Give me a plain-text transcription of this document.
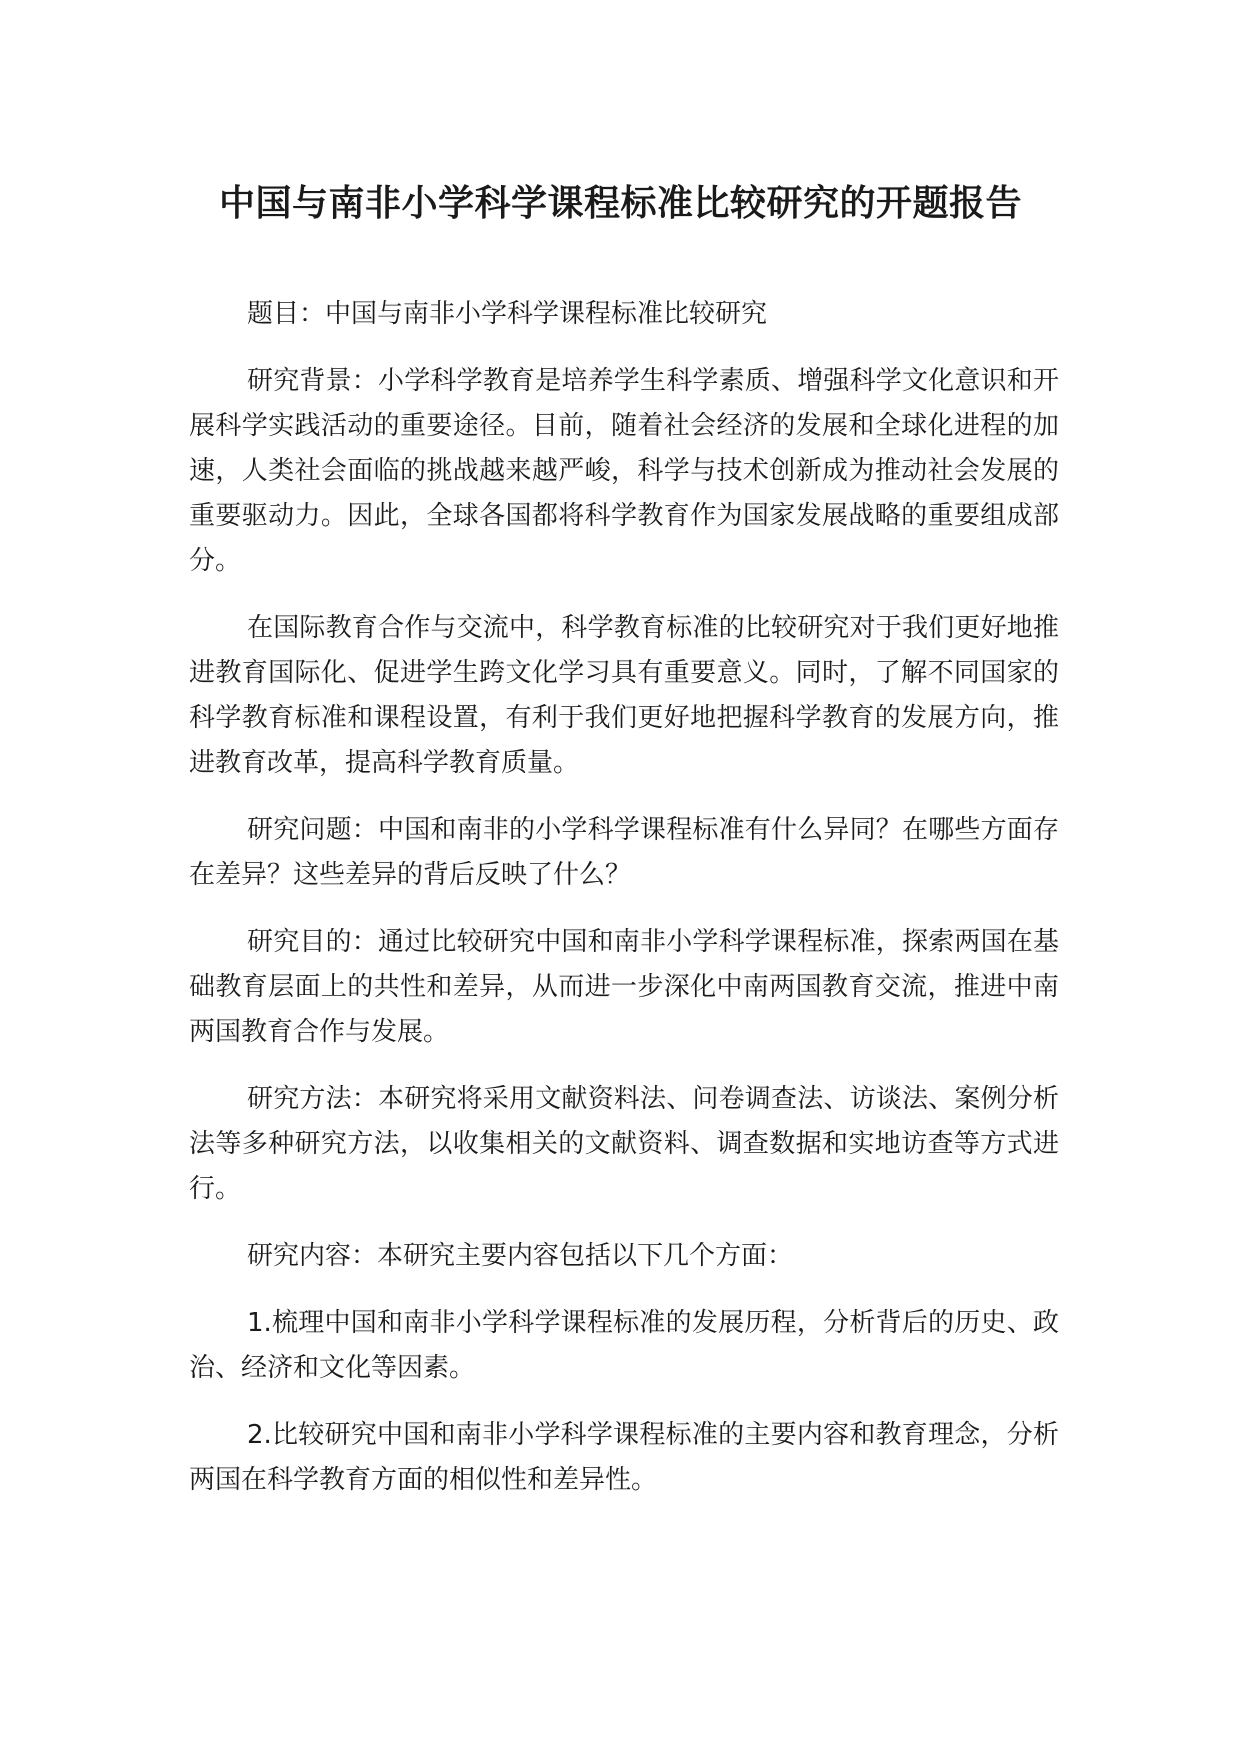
中国与南非小学科学课程标准比较研究的开题报告

题目：中国与南非小学科学课程标准比较研究

研究背景：小学科学教育是培养学生科学素质、增强科学文化意识和开展科学实践活动的重要途径。目前，随着社会经济的发展和全球化进程的加速，人类社会面临的挑战越来越严峻，科学与技术创新成为推动社会发展的重要驱动力。因此，全球各国都将科学教育作为国家发展战略的重要组成部分。

在国际教育合作与交流中，科学教育标准的比较研究对于我们更好地推进教育国际化、促进学生跨文化学习具有重要意义。同时，了解不同国家的科学教育标准和课程设置，有利于我们更好地把握科学教育的发展方向，推进教育改革，提高科学教育质量。

研究问题：中国和南非的小学科学课程标准有什么异同？在哪些方面存在差异？这些差异的背后反映了什么？

研究目的：通过比较研究中国和南非小学科学课程标准，探索两国在基础教育层面上的共性和差异，从而进一步深化中南两国教育交流，推进中南两国教育合作与发展。

研究方法：本研究将采用文献资料法、问卷调查法、访谈法、案例分析法等多种研究方法，以收集相关的文献资料、调查数据和实地访查等方式进行。

研究内容：本研究主要内容包括以下几个方面：

1.梳理中国和南非小学科学课程标准的发展历程，分析背后的历史、政治、经济和文化等因素。

2.比较研究中国和南非小学科学课程标准的主要内容和教育理念，分析两国在科学教育方面的相似性和差异性。
